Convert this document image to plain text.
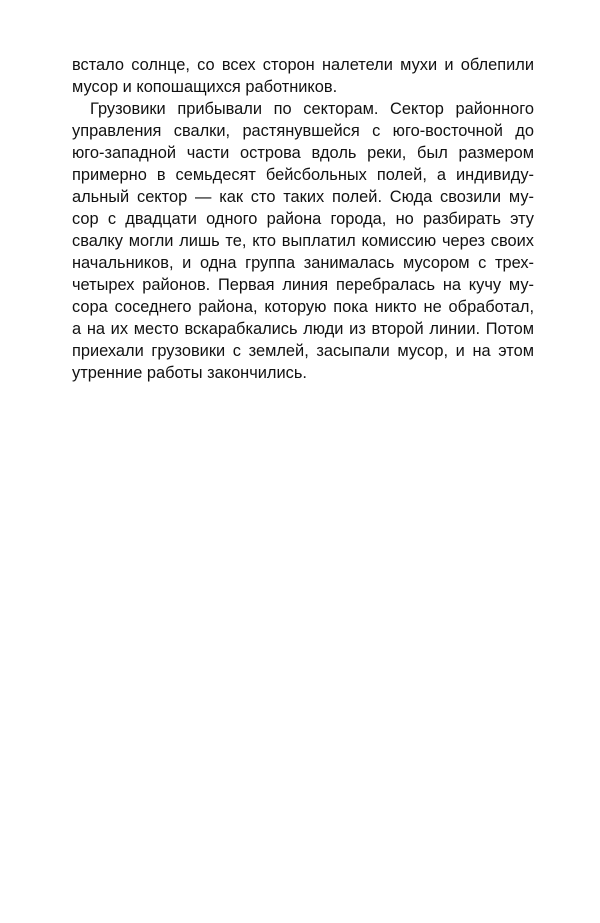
встало солнце, со всех сторон налетели мухи и облепили
мусор и копошащихся работников.
Грузовики прибывали по секторам. Сектор районного
управления свалки, растянувшейся с юго-восточной до
юго-западной части острова вдоль реки, был размером
примерно в семьдесят бейсбольных полей, а индивиду-
альный сектор — как сто таких полей. Сюда свозили му-
сор с двадцати одного района города, но разбирать эту
свалку могли лишь те, кто выплатил комиссию через своих
начальников, и одна группа занималась мусором с трех-
четырех районов. Первая линия перебралась на кучу му-
сора соседнего района, которую пока никто не обработал,
а на их место вскарабкались люди из второй линии. Потом
приехали грузовики с землей, засыпали мусор, и на этом
утренние работы закончились.
